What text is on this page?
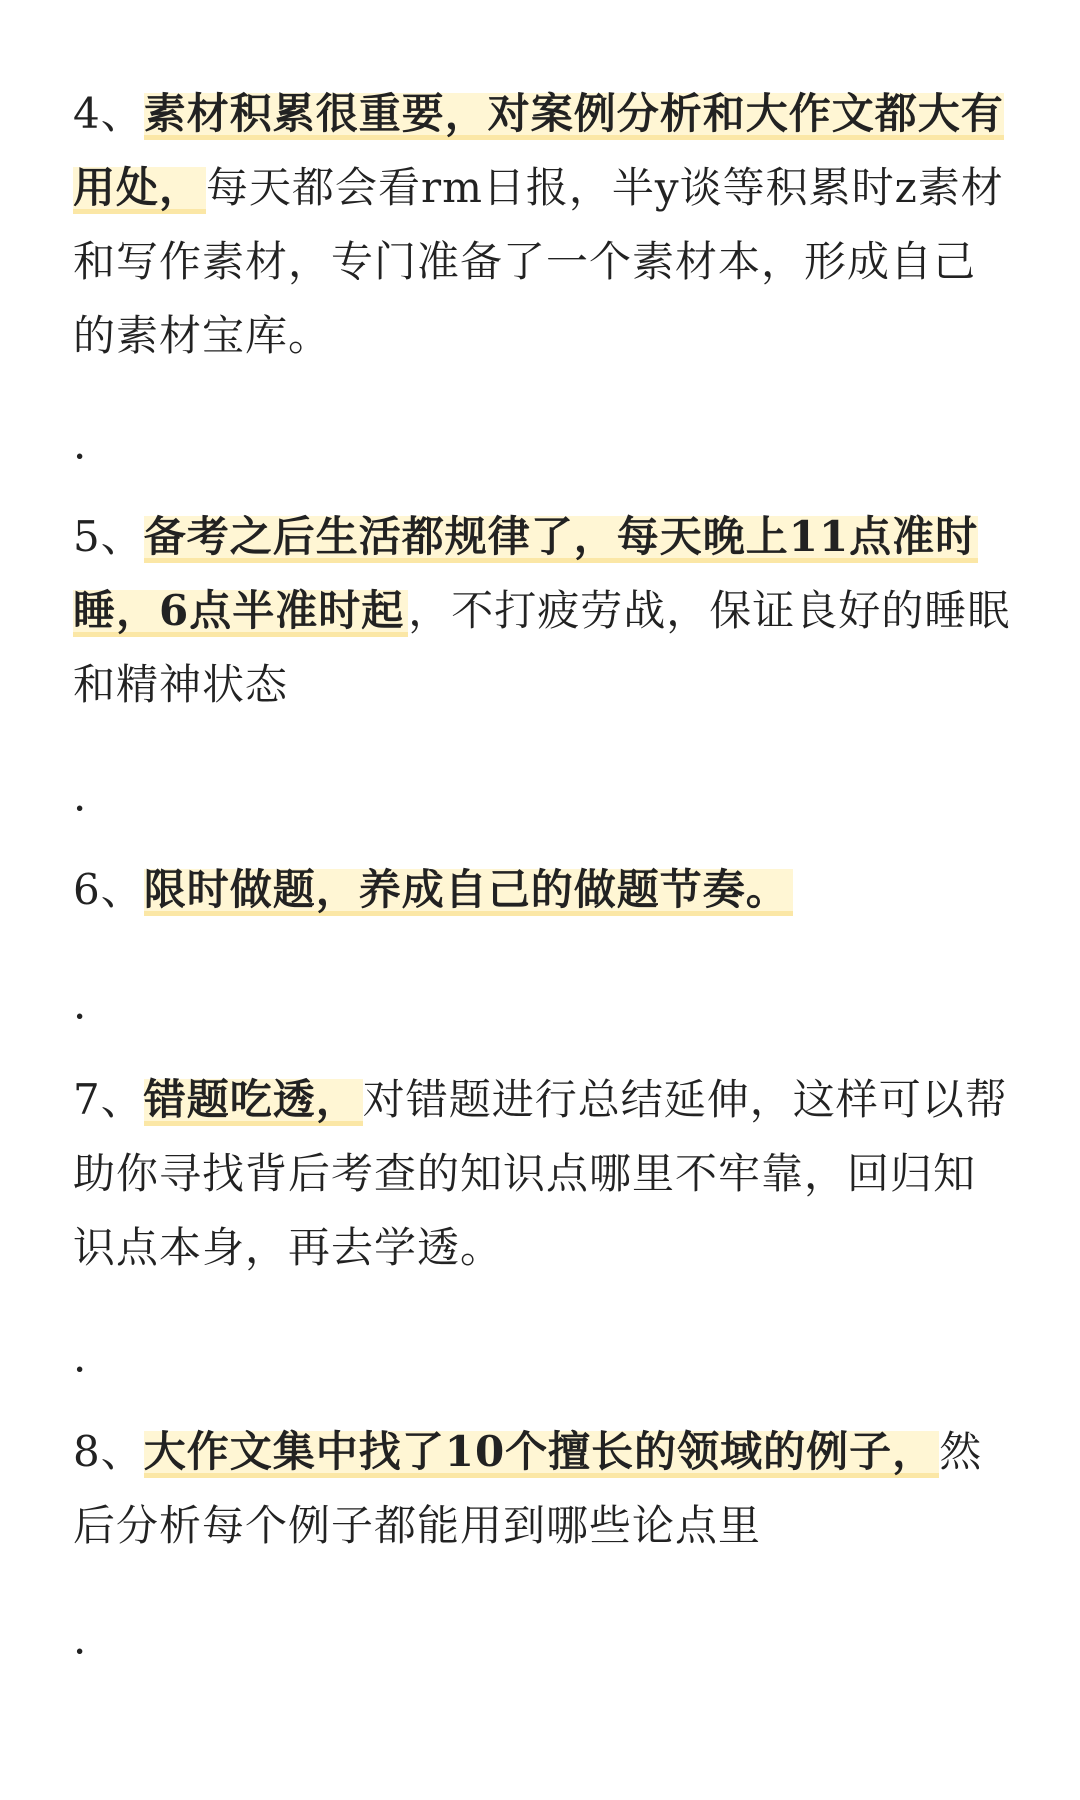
4、素材积累很重要，对案例分析和大作文都大有用处，每天都会看rm日报，半y谈等积累时z素材和写作素材，专门准备了一个素材本，形成自己的素材宝库。

·

5、备考之后生活都规律了，每天晚上11点准时睡，6点半准时起，不打疲劳战，保证良好的睡眠和精神状态

·

6、限时做题，养成自己的做题节奏。

·

7、错题吃透，对错题进行总结延伸，这样可以帮助你寻找背后考查的知识点哪里不牢靠，回归知识点本身，再去学透。

·

8、大作文集中找了10个擅长的领域的例子，然后分析每个例子都能用到哪些论点里

·
